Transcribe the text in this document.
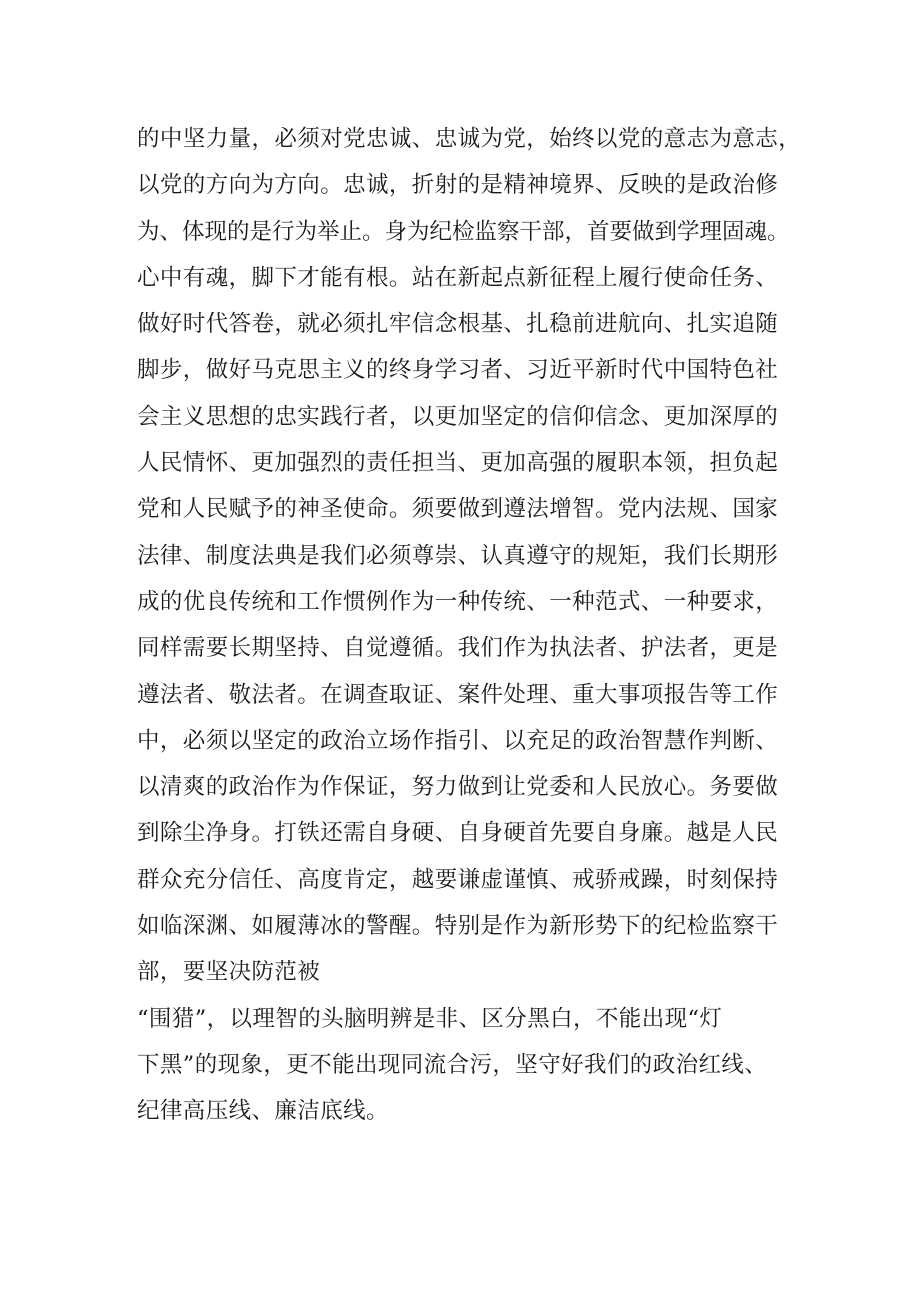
的中坚力量，必须对党忠诚、忠诚为党，始终以党的意志为意志，
以党的方向为方向。忠诚，折射的是精神境界、反映的是政治修
为、体现的是行为举止。身为纪检监察干部，首要做到学理固魂。
心中有魂，脚下才能有根。站在新起点新征程上履行使命任务、
做好时代答卷，就必须扎牢信念根基、扎稳前进航向、扎实追随
脚步，做好马克思主义的终身学习者、习近平新时代中国特色社
会主义思想的忠实践行者，以更加坚定的信仰信念、更加深厚的
人民情怀、更加强烈的责任担当、更加高强的履职本领，担负起
党和人民赋予的神圣使命。须要做到遵法增智。党内法规、国家
法律、制度法典是我们必须尊崇、认真遵守的规矩，我们长期形
成的优良传统和工作惯例作为一种传统、一种范式、一种要求，
同样需要长期坚持、自觉遵循。我们作为执法者、护法者，更是
遵法者、敬法者。在调查取证、案件处理、重大事项报告等工作
中，必须以坚定的政治立场作指引、以充足的政治智慧作判断、
以清爽的政治作为作保证，努力做到让党委和人民放心。务要做
到除尘净身。打铁还需自身硬、自身硬首先要自身廉。越是人民
群众充分信任、高度肯定，越要谦虚谨慎、戒骄戒躁，时刻保持
如临深渊、如履薄冰的警醒。特别是作为新形势下的纪检监察干
部，要坚决防范被
“围猎”，以理智的头脑明辨是非、区分黑白，不能出现“灯
下黑”的现象，更不能出现同流合污，坚守好我们的政治红线、
纪律高压线、廉洁底线。
